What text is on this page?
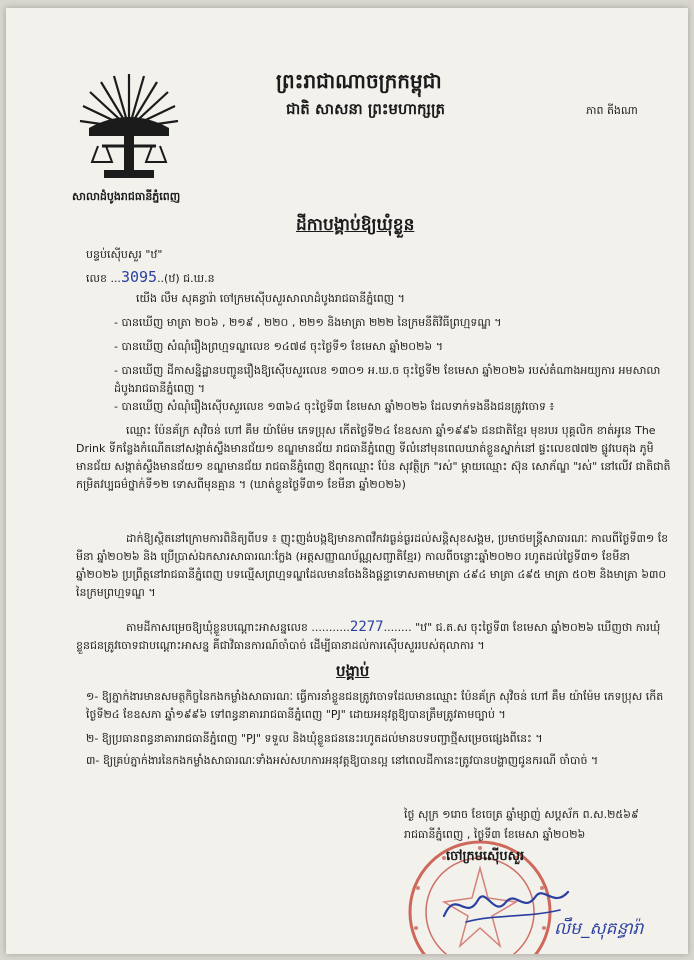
ព្រះរាជាណាចក្រកម្ពុជា
ជាតិ សាសនា ព្រះមហាក្សត្រ	ភាព តីងណា
សាលាដំបូងរាជធានីភ្នំពេញ
ដីកាបង្គាប់ឱ្យឃុំខ្លួន
បន្ទប់ស៊ើបសួរ "ឋ"
លេខ ...3095..(ឋ) ជ.ឃ.ន
យើង លឹម សុគន្ធារ៉ា ចៅក្រមស៊ើបសួរសាលាដំបូងរាជធានីភ្នំពេញ ។
- បានឃើញ មាត្រា ២០៦ , ២១៩ , ២២០ , ២២១ និងមាត្រា ២២២ នៃក្រមនីតិវិធីព្រហ្មទណ្ឌ ។
- បានឃើញ សំណុំរឿងព្រហ្មទណ្ឌលេខ ១៤៧៨ ចុះថ្ងៃទី១ ខែមេសា ឆ្នាំ២០២៦ ។
- បានឃើញ ដីកាសន្និដ្ឋានបញ្ជូនរឿងឱ្យស៊ើបសួរលេខ ១៣០១ អ.ឃ.ច ចុះថ្ងៃទី២ ខែមេសា ឆ្នាំ២០២៦ របស់តំណាងអយ្យការ អមសាលាដំបូងរាជធានីភ្នំពេញ ។
- បានឃើញ សំណុំរឿងស៊ើបសួរលេខ ១៣៦៤ ចុះថ្ងៃទី៣ ខែមេសា ឆ្នាំ២០២៦ ដែលទាក់ទងនឹងជនត្រូវចោទ ៖
ឈ្មោះ ប៉ែនគ័ក្រ សុវិចន់ ហៅ គឹម យ៉ាម៉ែម ភេទប្រុស កើតថ្ងៃទី២៤ ខែឧសភា ឆ្នាំ១៩៩៦ ជនជាតិខ្មែរ មុខរបរ បុគ្គលិក ខាត់អូនេ The Drink ទីកន្លែងកំណើតនៅសង្កាត់ស្ទឹងមានជ័យ១ ខណ្ឌមានជ័យ រាជធានីភ្នំពេញ ទីលំនៅមុនពេលឃាត់ខ្លួនស្នាក់នៅ ផ្ទះលេខ៧៧២ ផ្លូវបេតុង ភូមិមានជ័យ សង្កាត់ស្ទឹងមានជ័យ១ ខណ្ឌមានជ័យ រាជធានីភ្នំពេញ ឪពុកឈ្មោះ ប៉ែន សុវត្ថិក្រ "រស់" ម្ដាយឈ្មោះ ស៊ុន សោភ័ណ្ឌ "រស់" នៅលើវ ជាតិជាតិ កម្រិតវប្បធម៌ថ្នាក់ទី១២ ទោសពីមុនគ្មាន ។ (ឃាត់ខ្លួនថ្ងៃទី៣១ ខែមីនា ឆ្នាំ២០២៦)
ដាក់ឱ្យស្ថិតនៅក្រោមការពិនិត្យពីបទ ៖ ញុះញង់បង្កឱ្យមានភាពវឹកវរធ្ងន់ធ្ងរដល់សន្តិសុខសង្គម, ប្រមាថមន្ត្រីសាធារណៈ កាលពីថ្ងៃទី៣១ ខែមីនា ឆ្នាំ២០២៦ និង ប្រើប្រាស់ឯកសារសាធារណៈក្លែង (អត្តសញ្ញាណប័ណ្ណសញ្ជាតិខ្មែរ) កាលពីចន្លោះឆ្នាំ២០២០ រហូតដល់ថ្ងៃទី៣១ ខែមីនា ឆ្នាំ២០២៦ ប្រព្រឹត្តនៅរាជធានីភ្នំពេញ បទល្មើសព្រហ្មទណ្ឌដែលមានចែងនិងផ្តន្ទាទោសតាមមាត្រា ៤៩៤ មាត្រា ៤៩៥ មាត្រា ៥០២ និងមាត្រា ៦៣០ នៃក្រមព្រហ្មទណ្ឌ ។
តាមដីកាសម្រេចឱ្យឃុំខ្លួនបណ្ដោះអាសន្នលេខ ...........2277........ "ឋ" ជ.ត.ស ចុះថ្ងៃទី៣ ខែមេសា ឆ្នាំ២០២៦ ឃើញថា ការឃុំខ្លួនជនត្រូវចោទជាបណ្ដោះអាសន្ន គឺជាវិធានការណ៍ចាំបាច់ ដើម្បីធានាដល់ការស៊ើបសួររបស់តុលាការ ។
បង្គាប់
១- ឱ្យភ្នាក់ងារមានសមត្ថកិច្ចនៃកងកម្លាំងសាធារណៈ ធ្វើការនាំខ្លួនជនត្រូវចោទដែលមានឈ្មោះ ប៉ែនគ័ក្រ សុវិចន់ ហៅ គឹម យ៉ាម៉ែម ភេទប្រុស កើតថ្ងៃទី២៤ ខែឧសភា ឆ្នាំ១៩៩៦ ទៅពន្ធនាគាររាជធានីភ្នំពេញ "PJ" ដោយអនុវត្តឱ្យបានត្រឹមត្រូវតាមច្បាប់ ។
២- ឱ្យប្រធានពន្ធនាគាររាជធានីភ្នំពេញ "PJ" ទទួល និងឃុំខ្លួនជននេះរហូតដល់មានបទបញ្ជាថ្មីសម្រេចផ្សេងពីនេះ ។
៣- ឱ្យគ្រប់ភ្នាក់ងារនៃកងកម្លាំងសាធារណៈទាំងអស់សហការអនុវត្តឱ្យបានល្អ នៅពេលដីកានេះត្រូវបានបង្ហាញជូនករណី ចាំបាច់ ។
ថ្ងៃ សុក្រ ១រោច ខែចេត្រ ឆ្នាំម្សាញ់ សប្តស័ក ព.ស.២៥៦៩
រាជធានីភ្នំពេញ , ថ្ងៃទី៣ ខែមេសា ឆ្នាំ២០២៦
ចៅក្រមស៊ើបសួរ
លឹម_សុគន្ធារ៉ា
